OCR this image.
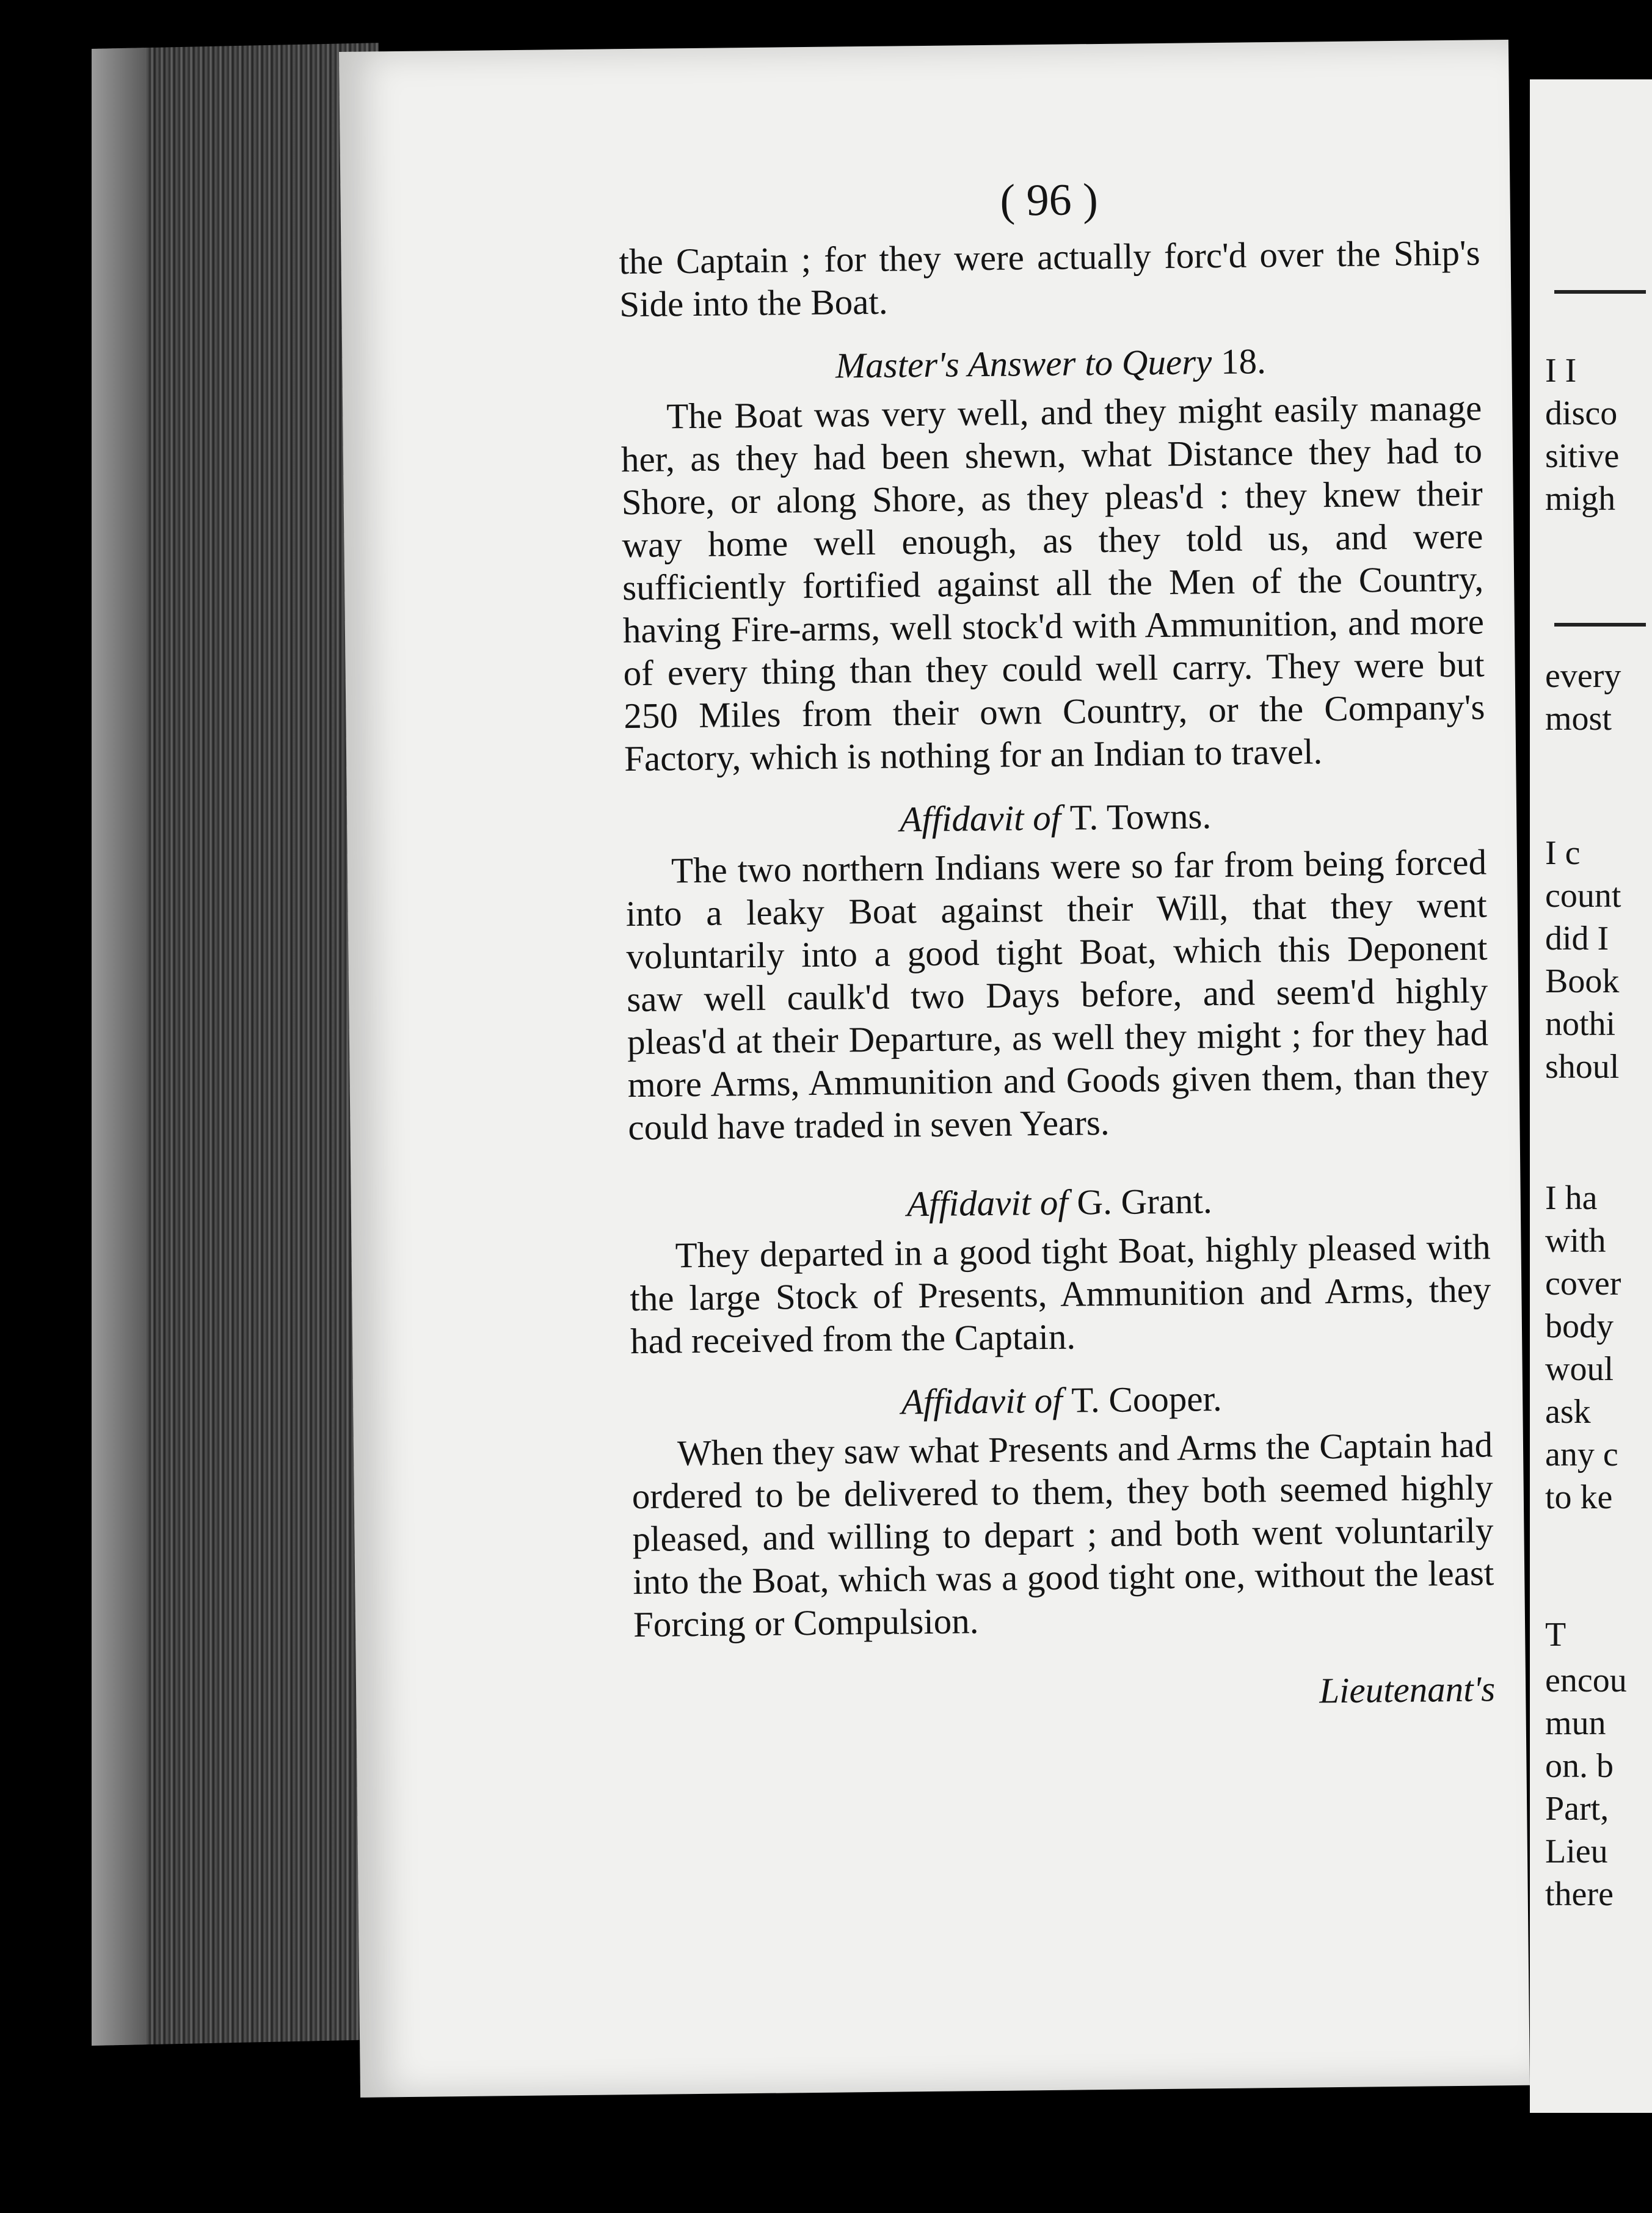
( 96 )

the Captain ; for they were actually forc'd over the Ship's Side into the Boat.

Master's Answer to Query 18.

The Boat was very well, and they might easily manage her, as they had been shewn, what Distance they had to Shore, or along Shore, as they pleas'd : they knew their way home well enough, as they told us, and were sufficiently fortified against all the Men of the Country, having Fire-arms, well stock'd with Ammunition, and more of every thing than they could well carry. They were but 250 Miles from their own Country, or the Company's Factory, which is nothing for an Indian to travel.

Affidavit of T. Towns.

The two northern Indians were so far from being forced into a leaky Boat against their Will, that they went voluntarily into a good tight Boat, which this Deponent saw well caulk'd two Days before, and seem'd highly pleas'd at their Departure, as well they might ; for they had more Arms, Ammunition and Goods given them, than they could have traded in seven Years.

Affidavit of G. Grant.

They departed in a good tight Boat, highly pleased with the large Stock of Presents, Ammunition and Arms, they had received from the Captain.

Affidavit of T. Cooper.

When they saw what Presents and Arms the Captain had ordered to be delivered to them, they both seemed highly pleased, and willing to depart ; and both went voluntarily into the Boat, which was a good tight one, without the least Forcing or Compulsion.

Lieutenant's
I I
disco
sitive
migh
every
most
I c
count
did I
Book
nothi
shoul
I ha
with
cover
body
woul
ask
any c
to ke
T
encou
mun
on. b
Part,
Lieu
there
